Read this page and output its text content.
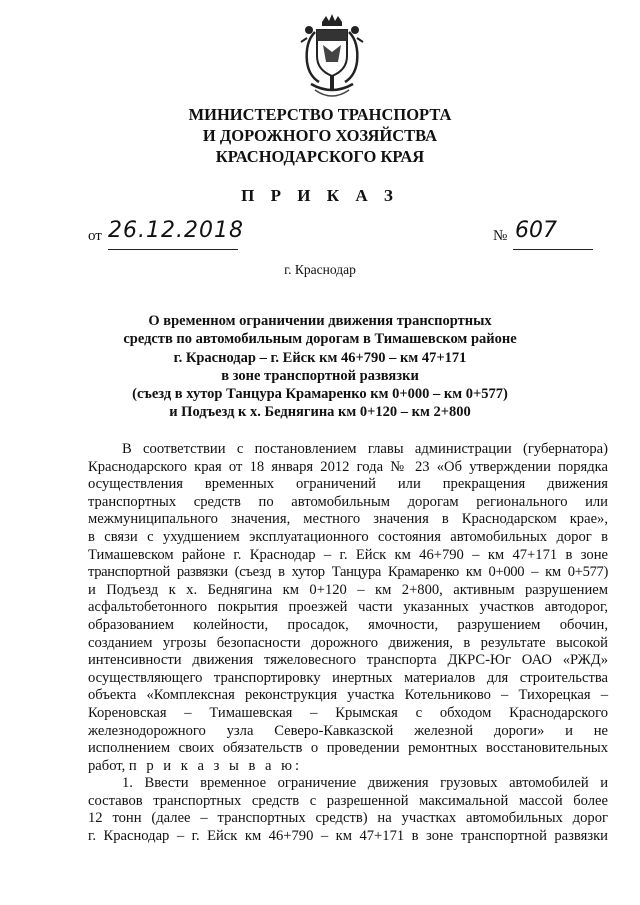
МИНИСТЕРСТВО ТРАНСПОРТА
И ДОРОЖНОГО ХОЗЯЙСТВА
КРАСНОДАРСКОГО КРАЯ
П Р И К А З
от 26.12.2018	№ 607
г. Краснодар
О временном ограничении движения транспортных
средств по автомобильным дорогам в Тимашевском районе
г. Краснодар – г. Ейск км 46+790 – км 47+171
в зоне транспортной развязки
(съезд в хутор Танцура Крамаренко км 0+000 – км 0+577)
и Подъезд к х. Беднягина км 0+120 – км 2+800
В соответствии с постановлением главы администрации (губернатора)
Краснодарского края от 18 января 2012 года № 23 «Об утверждении порядка
осуществления временных ограничений или прекращения движения
транспортных средств по автомобильным дорогам регионального или
межмуниципального значения, местного значения в Краснодарском крае»,
в связи с ухудшением эксплуатационного состояния автомобильных дорог в
Тимашевском районе г. Краснодар – г. Ейск км 46+790 – км 47+171 в зоне
транспортной развязки (съезд в хутор Танцура Крамаренко км 0+000 – км 0+577)
и Подъезд к х. Беднягина км 0+120 – км 2+800, активным разрушением
асфальтобетонного покрытия проезжей части указанных участков автодорог,
образованием колейности, просадок, ямочности, разрушением обочин,
созданием угрозы безопасности дорожного движения, в результате высокой
интенсивности движения тяжеловесного транспорта ДКРС-Юг ОАО «РЖД»
осуществляющего транспортировку инертных материалов для строительства
объекта «Комплексная реконструкция участка Котельниково – Тихорецкая –
Кореновская – Тимашевская – Крымская с обходом Краснодарского
железнодорожного узла Северо-Кавказской железной дороги» и не
исполнением своих обязательств о проведении ремонтных восстановительных
работ, п р и к а з ы в а ю:
1. Ввести временное ограничение движения грузовых автомобилей и
составов транспортных средств с разрешенной максимальной массой более
12 тонн (далее – транспортных средств) на участках автомобильных дорог
г. Краснодар – г. Ейск км 46+790 – км 47+171 в зоне транспортной развязки
